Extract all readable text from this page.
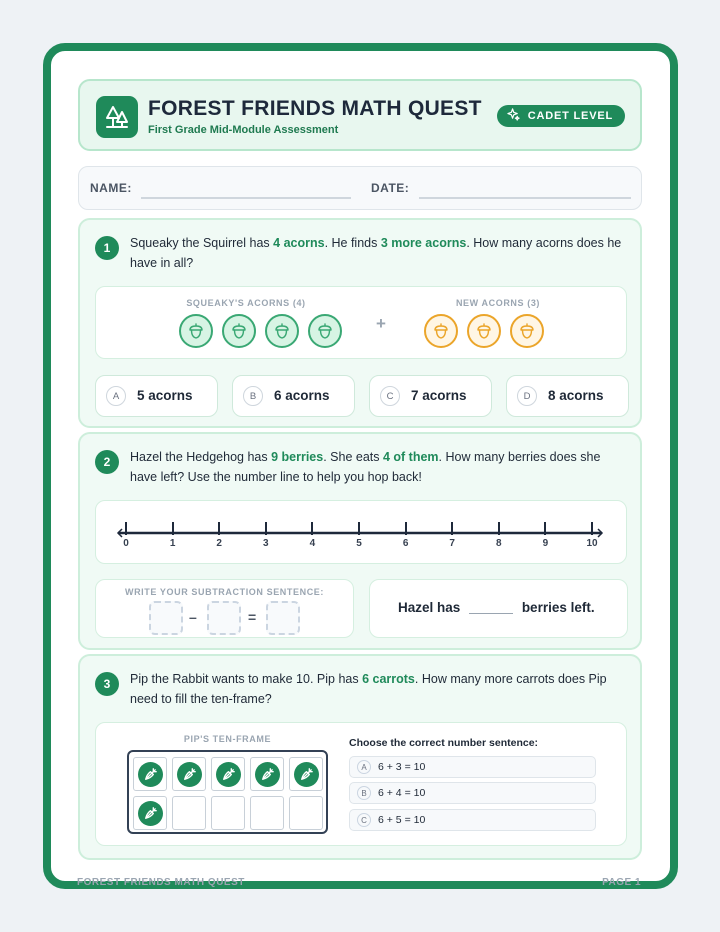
FOREST FRIENDS MATH QUEST
First Grade Mid-Module Assessment
CADET LEVEL
NAME:	DATE:
1	Squeaky the Squirrel has 4 acorns. He finds 3 more acorns. How many acorns does he have in all?
SQUEAKY'S ACORNS (4)	NEW ACORNS (3)
+
A	5 acorns	B	6 acorns	C	7 acorns	D	8 acorns
2	Hazel the Hedgehog has 9 berries. She eats 4 of them. How many berries does she have left? Use the number line to help you hop back!
0	1	2	3	4	5	6	7	8	9	10
WRITE YOUR SUBTRACTION SENTENCE:
–	=
Hazel has	berries left.
3	Pip the Rabbit wants to make 10. Pip has 6 carrots. How many more carrots does Pip need to fill the ten-frame?
PIP'S TEN-FRAME	Choose the correct number sentence:
A	6 + 3 = 10
B	6 + 4 = 10
C	6 + 5 = 10
FOREST FRIENDS MATH QUEST	PAGE 1
